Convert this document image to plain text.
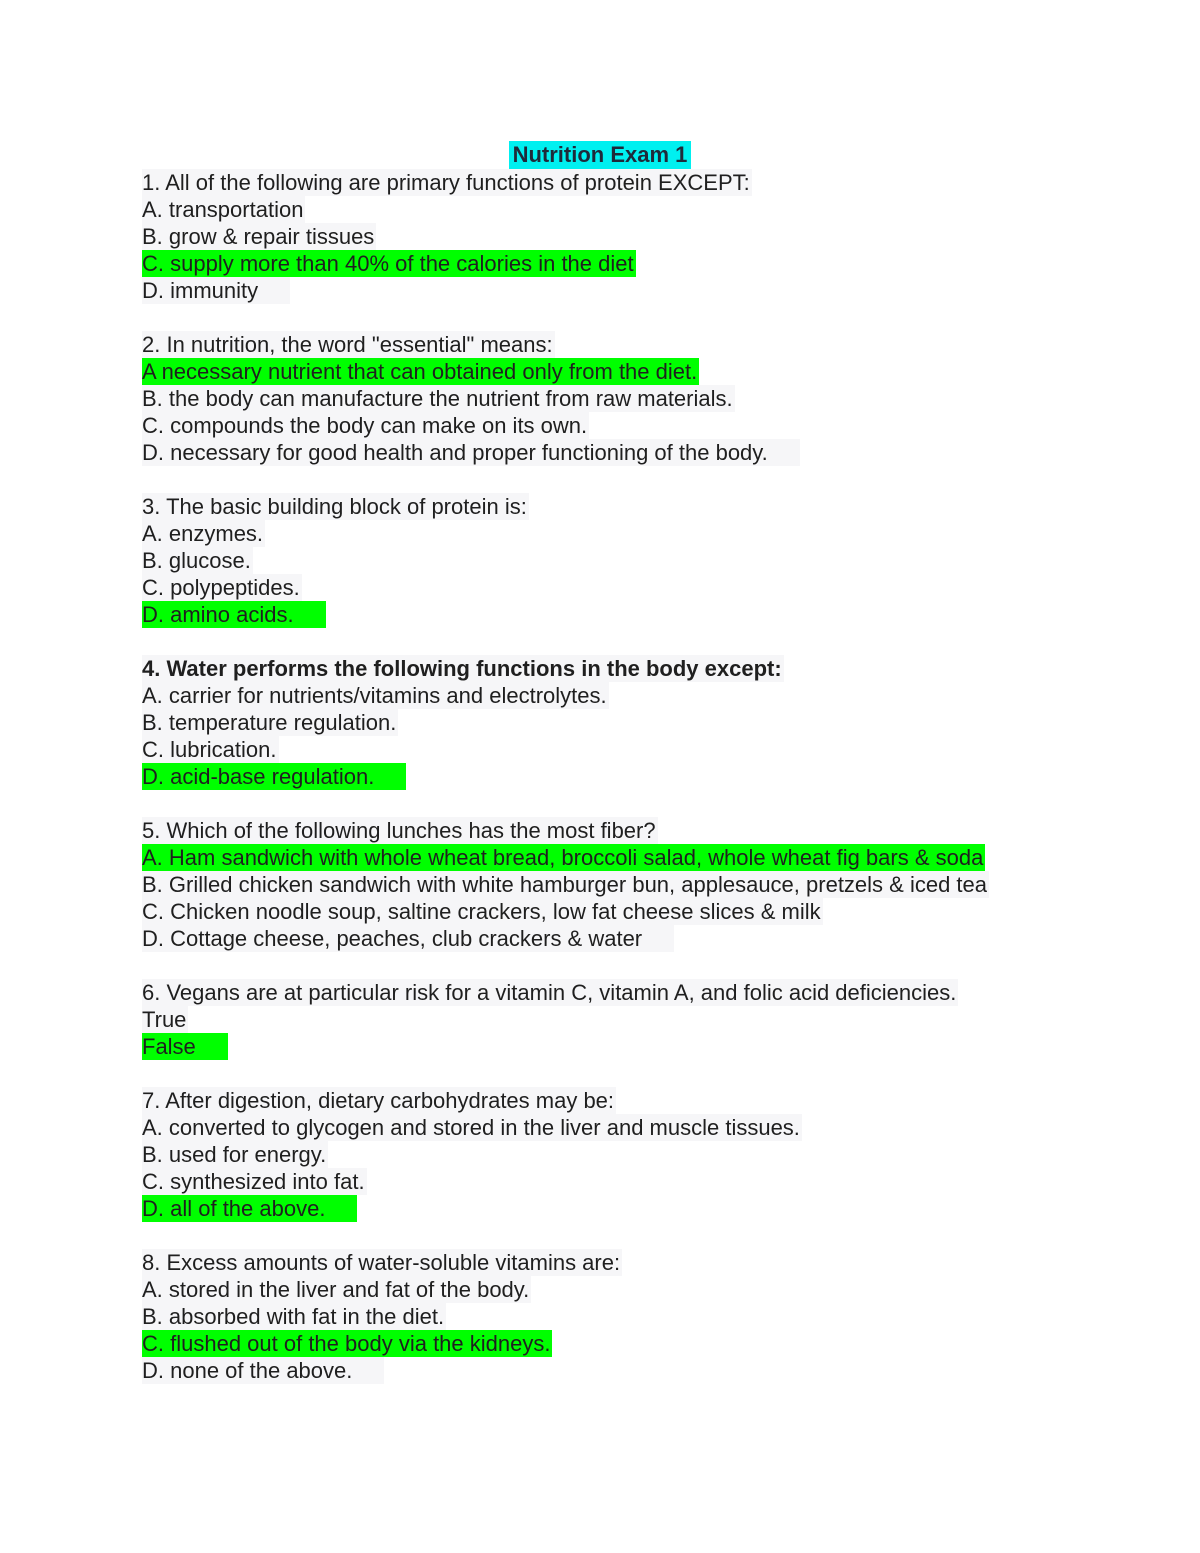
Nutrition Exam 1
1. All of the following are primary functions of protein EXCEPT:
A. transportation
B. grow & repair tissues
C. supply more than 40% of the calories in the diet
D. immunity
2. In nutrition, the word "essential" means:
A necessary nutrient that can obtained only from the diet.
B. the body can manufacture the nutrient from raw materials.
C. compounds the body can make on its own.
D. necessary for good health and proper functioning of the body.
3. The basic building block of protein is:
A. enzymes.
B. glucose.
C. polypeptides.
D. amino acids.
4. Water performs the following functions in the body except:
A. carrier for nutrients/vitamins and electrolytes.
B. temperature regulation.
C. lubrication.
D. acid-base regulation.
5. Which of the following lunches has the most fiber?
A. Ham sandwich with whole wheat bread, broccoli salad, whole wheat fig bars & soda
B. Grilled chicken sandwich with white hamburger bun, applesauce, pretzels & iced tea
C. Chicken noodle soup, saltine crackers, low fat cheese slices & milk
D. Cottage cheese, peaches, club crackers & water
6. Vegans are at particular risk for a vitamin C, vitamin A, and folic acid deficiencies.
True
False
7. After digestion, dietary carbohydrates may be:
A. converted to glycogen and stored in the liver and muscle tissues.
B. used for energy.
C. synthesized into fat.
D. all of the above.
8. Excess amounts of water-soluble vitamins are:
A. stored in the liver and fat of the body.
B. absorbed with fat in the diet.
C. flushed out of the body via the kidneys.
D. none of the above.
